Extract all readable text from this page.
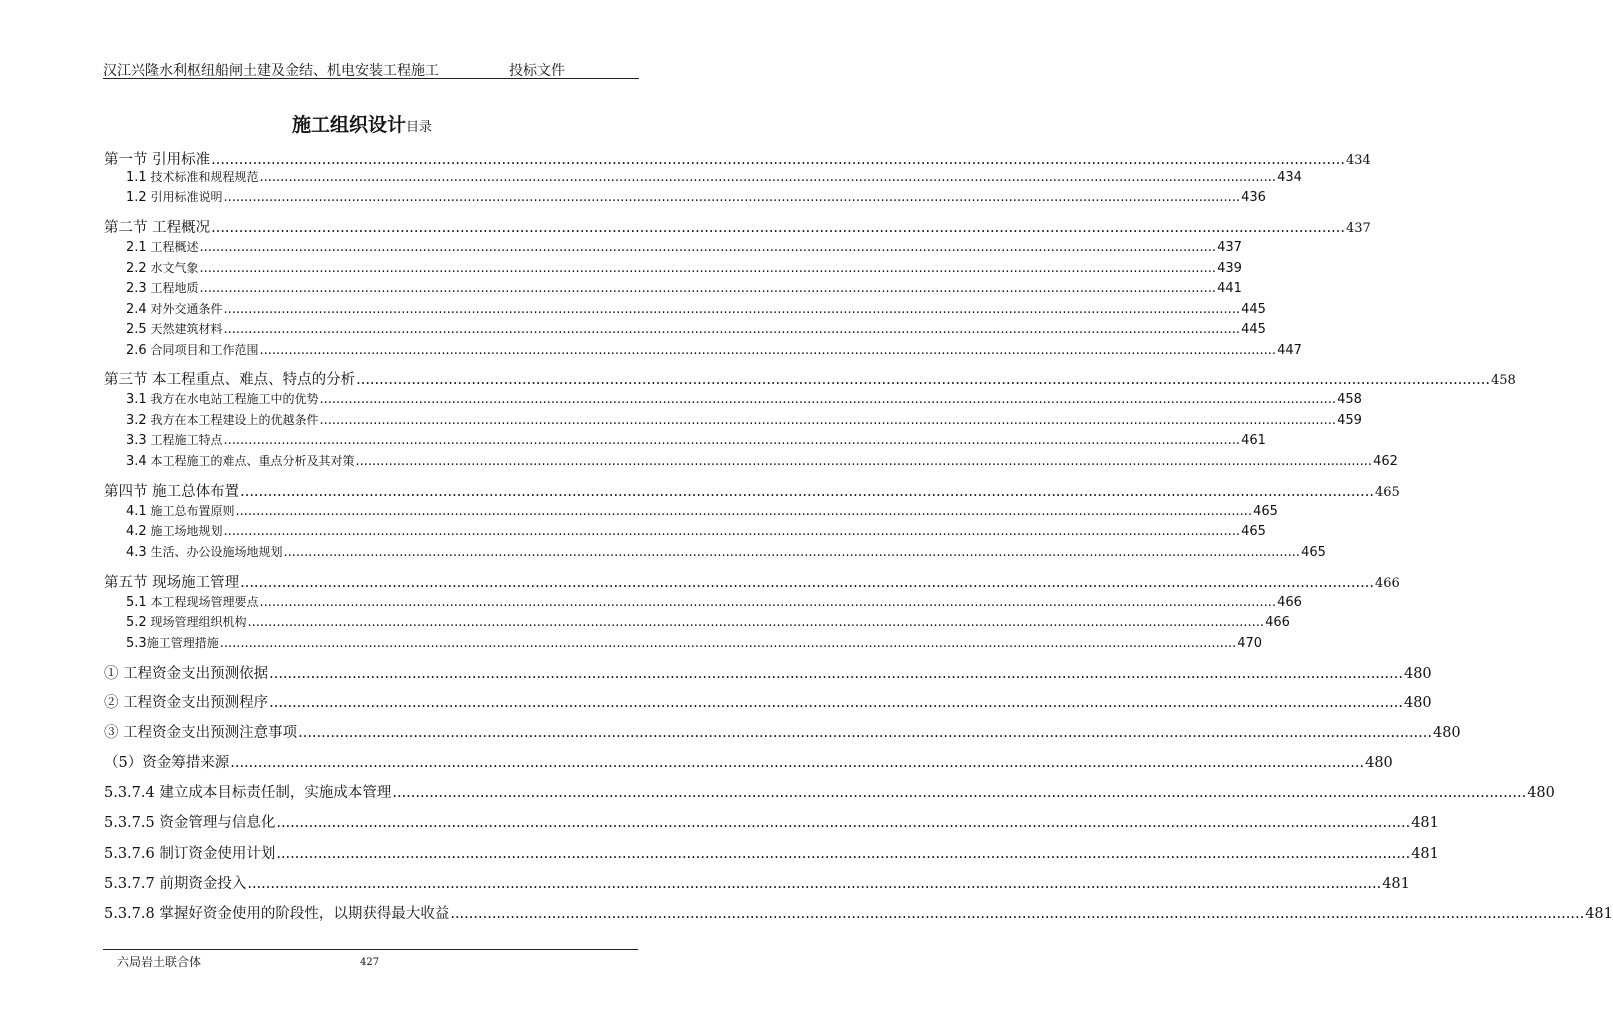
汉江兴隆水利枢纽船闸土建及金结、机电安装工程施工	投标文件
施工组织设计目录
第一节 引用标准 ...................................................................................................................................................................................................................................................... 434
1.1 技术标准和规程规范 ...................................................................................................................................................................................................................................................... 434
1.2 引用标准说明 ...................................................................................................................................................................................................................................................... 436
第二节 工程概况 ...................................................................................................................................................................................................................................................... 437
2.1 工程概述 ...................................................................................................................................................................................................................................................... 437
2.2 水文气象 ...................................................................................................................................................................................................................................................... 439
2.3 工程地质 ...................................................................................................................................................................................................................................................... 441
2.4 对外交通条件 ...................................................................................................................................................................................................................................................... 445
2.5 天然建筑材料 ...................................................................................................................................................................................................................................................... 445
2.6 合同项目和工作范围 ...................................................................................................................................................................................................................................................... 447
第三节 本工程重点、难点、特点的分析 ...................................................................................................................................................................................................................................................... 458
3.1 我方在水电站工程施工中的优势 ...................................................................................................................................................................................................................................................... 458
3.2 我方在本工程建设上的优越条件 ...................................................................................................................................................................................................................................................... 459
3.3 工程施工特点 ...................................................................................................................................................................................................................................................... 461
3.4 本工程施工的难点、重点分析及其对策 ...................................................................................................................................................................................................................................................... 462
第四节 施工总体布置 ...................................................................................................................................................................................................................................................... 465
4.1 施工总布置原则 ...................................................................................................................................................................................................................................................... 465
4.2 施工场地规划 ...................................................................................................................................................................................................................................................... 465
4.3 生活、办公设施场地规划 ...................................................................................................................................................................................................................................................... 465
第五节 现场施工管理 ...................................................................................................................................................................................................................................................... 466
5.1 本工程现场管理要点 ...................................................................................................................................................................................................................................................... 466
5.2 现场管理组织机构 ...................................................................................................................................................................................................................................................... 466
5.3施工管理措施 ...................................................................................................................................................................................................................................................... 470
① 工程资金支出预测依据 ...................................................................................................................................................................................................................................................... 480
② 工程资金支出预测程序 ...................................................................................................................................................................................................................................................... 480
③ 工程资金支出预测注意事项 ...................................................................................................................................................................................................................................................... 480
（5）资金筹措来源 ...................................................................................................................................................................................................................................................... 480
5.3.7.4 建立成本目标责任制，实施成本管理 ...................................................................................................................................................................................................................................................... 480
5.3.7.5 资金管理与信息化 ...................................................................................................................................................................................................................................................... 481
5.3.7.6 制订资金使用计划 ...................................................................................................................................................................................................................................................... 481
5.3.7.7 前期资金投入 ...................................................................................................................................................................................................................................................... 481
5.3.7.8 掌握好资金使用的阶段性，以期获得最大收益 ...................................................................................................................................................................................................................................................... 481
六局岩土联合体	427
